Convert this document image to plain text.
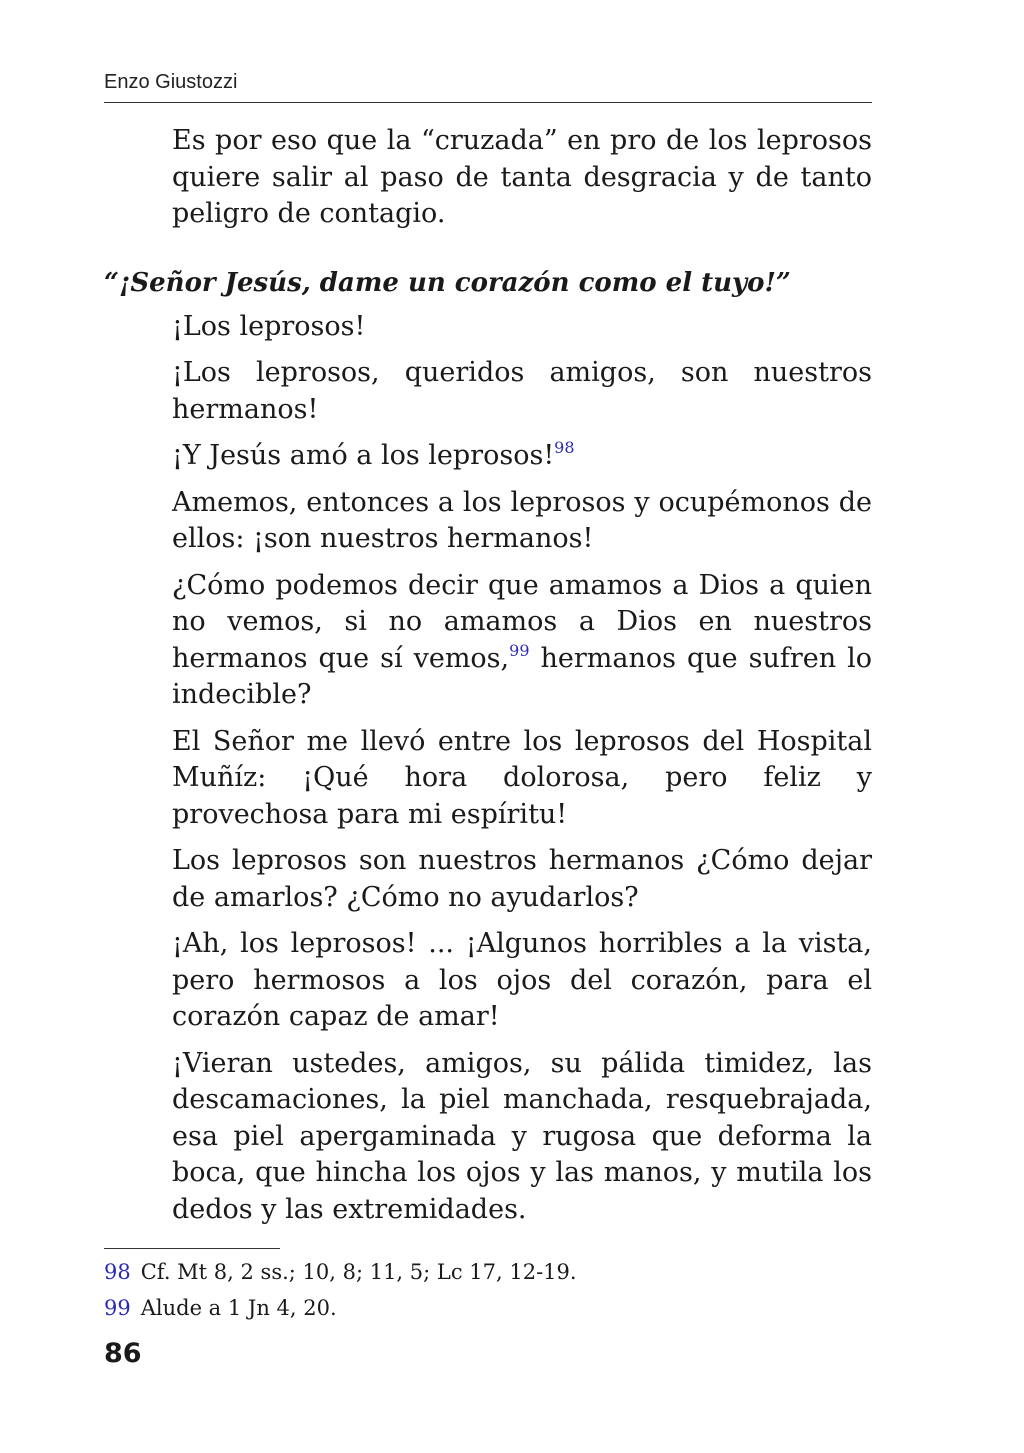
Enzo Giustozzi

Es por eso que la “cruzada” en pro de los leprosos quiere salir al paso de tanta desgracia y de tanto peligro de contagio.

“¡Señor Jesús, dame un corazón como el tuyo!”

¡Los leprosos!

¡Los leprosos, queridos amigos, son nuestros hermanos!

¡Y Jesús amó a los leprosos!$^{98}$

Amemos, entonces a los leprosos y ocupémonos de ellos: ¡son nuestros hermanos!

¿Cómo podemos decir que amamos a Dios a quien no vemos, si no amamos a Dios en nuestros hermanos que sí vemos,$^{99}$ hermanos que sufren lo indecible?

El Señor me llevó entre los leprosos del Hospital Muñíz: ¡Qué hora dolorosa, pero feliz y provechosa para mi espíritu!

Los leprosos son nuestros hermanos ¿Cómo dejar de amarlos? ¿Cómo no ayudarlos?

¡Ah, los leprosos! ... ¡Algunos horribles a la vista, pero hermosos a los ojos del corazón, para el corazón capaz de amar!

¡Vieran ustedes, amigos, su pálida timidez, las descamaciones, la piel manchada, resquebrajada, esa piel apergaminada y rugosa que deforma la boca, que hincha los ojos y las manos, y mutila los dedos y las extremidades.

98 Cf. Mt 8, 2 ss.; 10, 8; 11, 5; Lc 17, 12-19.
99 Alude a 1 Jn 4, 20.
86
